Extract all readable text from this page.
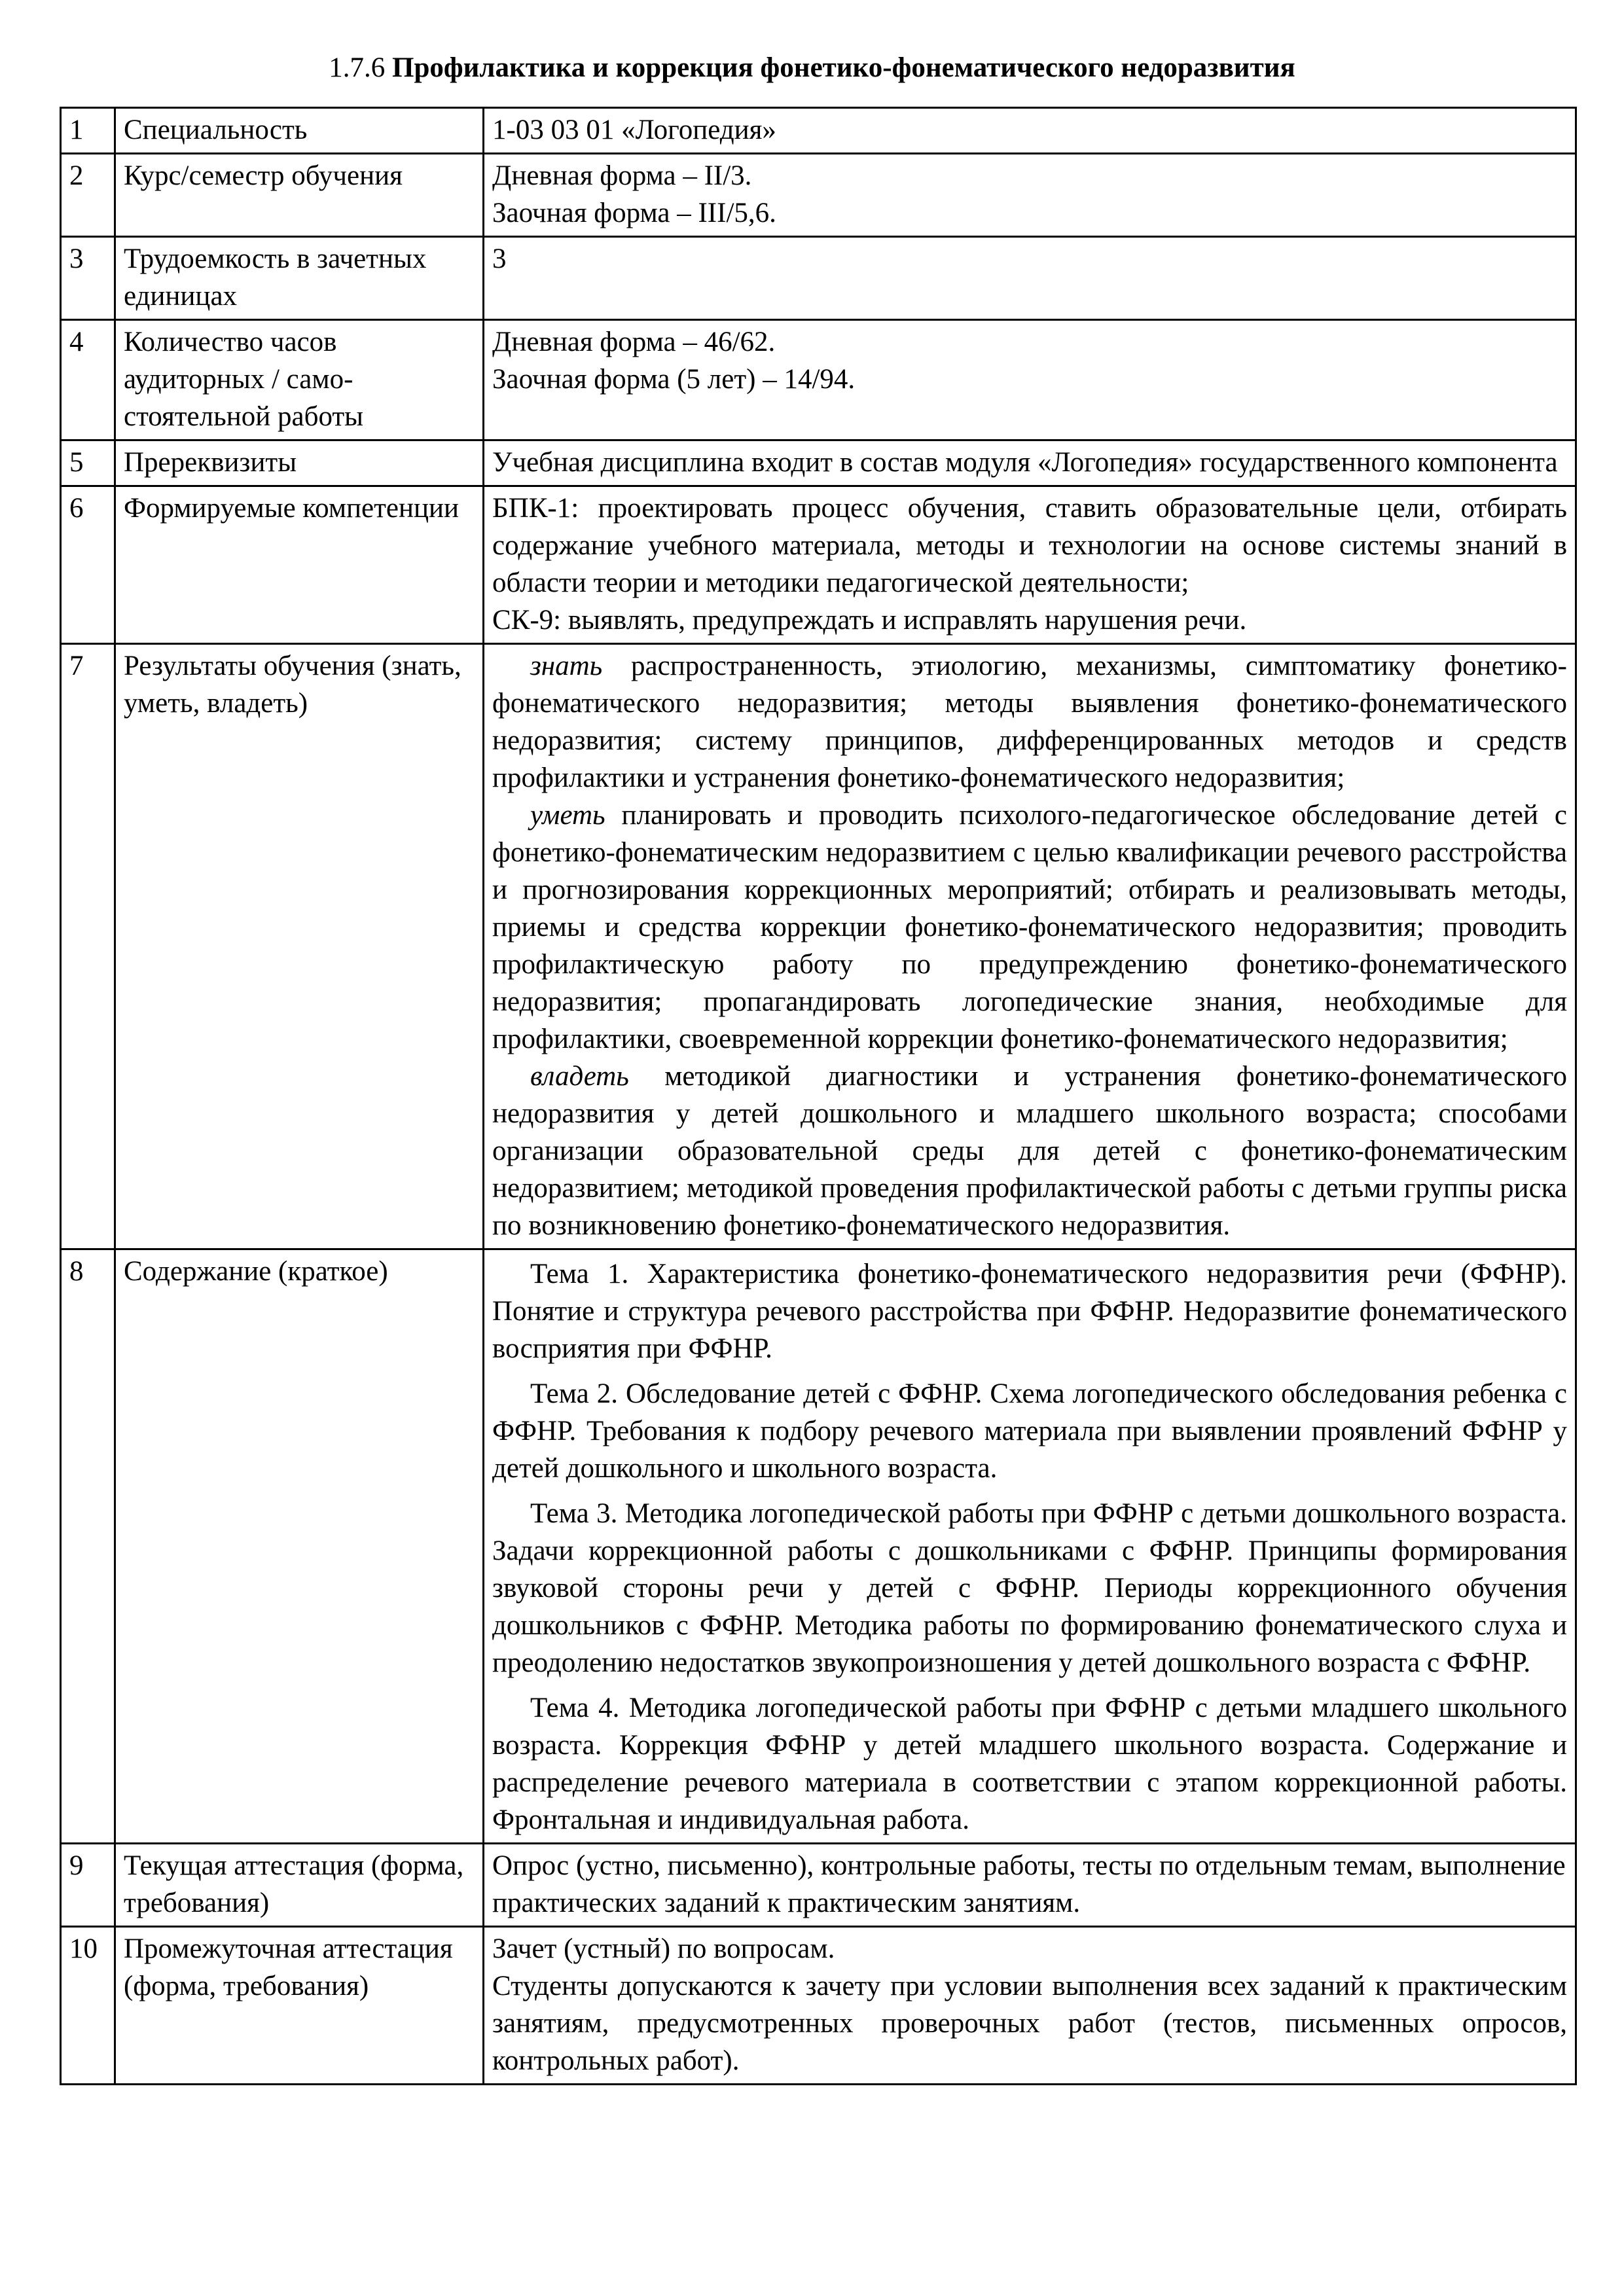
1.7.6 Профилактика и коррекция фонетико-фонематического недоразвития
1	Специальность	1-03 03 01 «Логопедия»
2	Курс/семестр обучения	Дневная форма – II/3.
Заочная форма – III/5,6.

3	Трудоемкость в зачетных единицах	3
4	Количество часов аудиторных / само-стоятельной работы	Дневная форма – 46/62.
Заочная форма (5 лет) – 14/94.

5	Пререквизиты	Учебная дисциплина входит в состав модуля «Логопедия» государственного компонента
6	Формируемые компетенции	БПК-1: проектировать процесс обучения, ставить образовательные цели, отбирать содержание учебного материала, методы и технологии на основе системы знаний в области теории и методики педагогической деятельности;
СК-9: выявлять, предупреждать и исправлять нарушения речи.

7	Результаты обучения (знать, уметь, владеть)	знать распространенность, этиологию, механизмы, симптоматику фонетико-фонематического недоразвития; методы выявления фонетико-фонематического недоразвития; систему принципов, дифференцированных методов и средств профилактики и устранения фонетико-фонематического недоразвития;
уметь планировать и проводить психолого-педагогическое обследование детей с фонетико-фонематическим недоразвитием с целью квалификации речевого расстройства и прогнозирования коррекционных мероприятий; отбирать и реализовывать методы, приемы и средства коррекции фонетико-фонематического недоразвития; проводить профилактическую работу по предупреждению фонетико-фонематического недоразвития; пропагандировать логопедические знания, необходимые для профилактики, своевременной коррекции фонетико-фонематического недоразвития;
владеть методикой диагностики и устранения фонетико-фонематического недоразвития у детей дошкольного и младшего школьного возраста; способами организации образовательной среды для детей с фонетико-фонематическим недоразвитием; методикой проведения профилактической работы с детьми группы риска по возникновению фонетико-фонематического недоразвития.

8	Содержание (краткое)	Тема 1. Характеристика фонетико-фонематического недоразвития речи (ФФНР). Понятие и структура речевого расстройства при ФФНР. Недоразвитие фонематического восприятия при ФФНР.
Тема 2. Обследование детей с ФФНР. Схема логопедического обследования ребенка с ФФНР. Требования к подбору речевого материала при выявлении проявлений ФФНР у детей дошкольного и школьного возраста.
Тема 3. Методика логопедической работы при ФФНР с детьми дошкольного возраста. Задачи коррекционной работы с дошкольниками с ФФНР. Принципы формирования звуковой стороны речи у детей с ФФНР. Периоды коррекционного обучения дошкольников с ФФНР. Методика работы по формированию фонематического слуха и преодолению недостатков звукопроизношения у детей дошкольного возраста с ФФНР.
Тема 4. Методика логопедической работы при ФФНР с детьми младшего школьного возраста. Коррекция ФФНР у детей младшего школьного возраста. Содержание и распределение речевого материала в соответствии с этапом коррекционной работы. Фронтальная и индивидуальная работа.

9	Текущая аттестация (форма, требования)	Опрос (устно, письменно), контрольные работы, тесты по отдельным темам, выполнение практических заданий к практическим занятиям.
10	Промежуточная аттестация (форма, требования)	Зачет (устный) по вопросам.
Студенты допускаются к зачету при условии выполнения всех заданий к практическим занятиям, предусмотренных проверочных работ (тестов, письменных опросов, контрольных работ).
